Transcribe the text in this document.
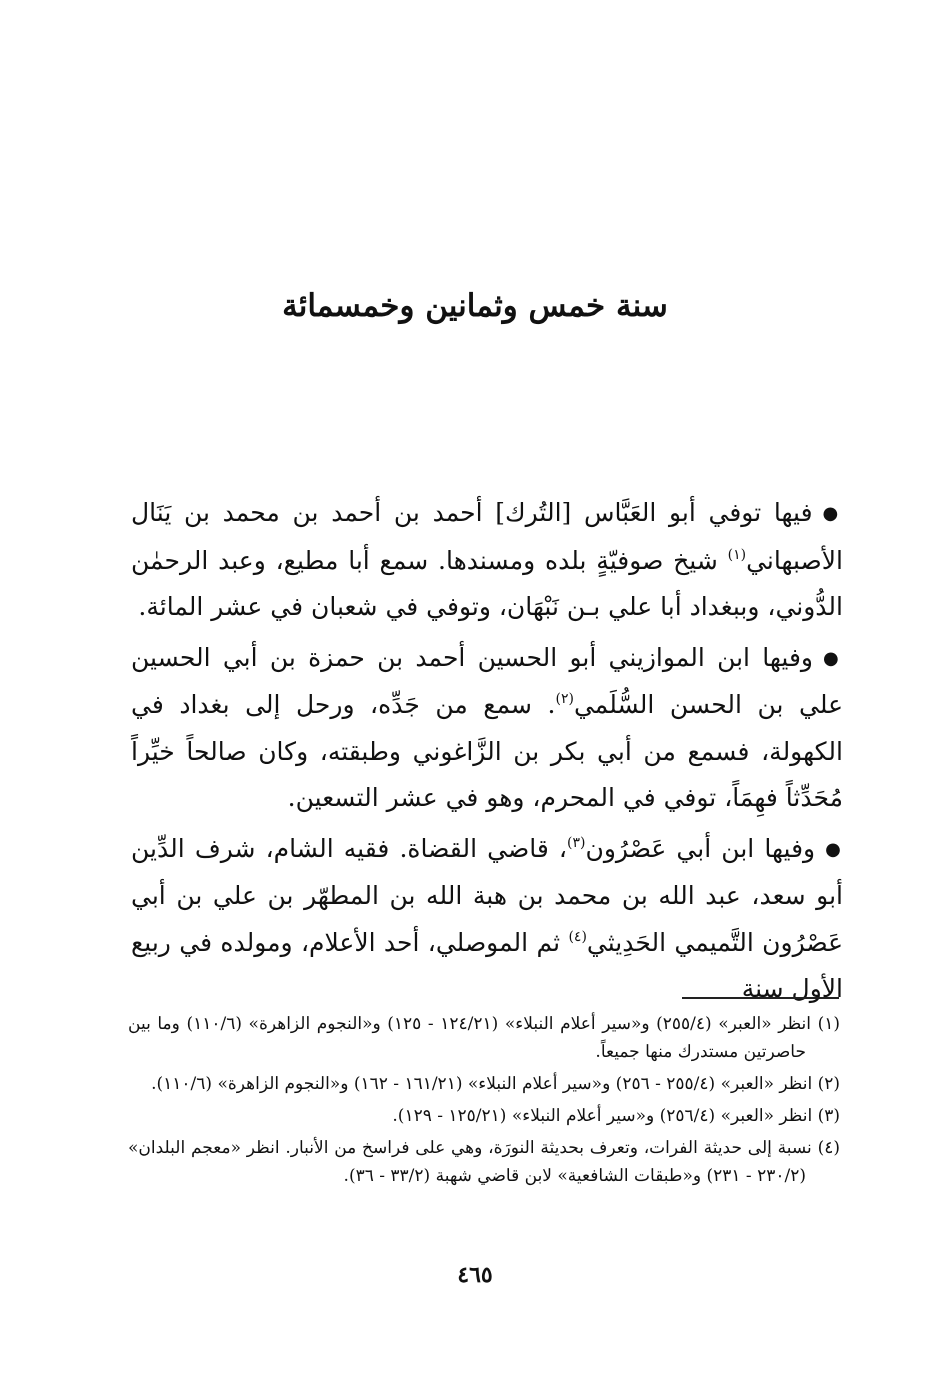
سنة خمس وثمانين وخمسمائة

●فيها توفي أبو العَبَّاس [التُرك] أحمد بن أحمد بن محمد بن يَنَال الأصبهاني$^{(١)}$ شيخ صوفيّةٍ بلده ومسندها. سمع أبا مطيع، وعبد الرحمٰن الدُّوني، وببغداد أبا علي بـن نَبْهَان، وتوفي في شعبان في عشر المائة.

●وفيها ابن الموازيني أبو الحسين أحمد بن حمزة بن أبي الحسين علي بن الحسن السُّلَمي$^{(٢)}$. سمع من جَدِّه، ورحل إلى بغداد في الكهولة، فسمع من أبي بكر بن الزَّاغوني وطبقته، وكان صالحاً خيِّراً مُحَدِّثاً فهِمَاً، توفي في المحرم، وهو في عشر التسعين.

●وفيها ابن أبي عَصْرُون$^{(٣)}$، قاضي القضاة. فقيه الشام، شرف الدِّين أبو سعد، عبد الله بن محمد بن هبة الله بن المطهّر بن علي بن أبي عَصْرُون التَّميمي الحَدِيثي$^{(٤)}$ ثم الموصلي، أحد الأعلام، ومولده في ربيع الأول سنة

(١) انظر «العبر» (٢٥٥/٤) و«سير أعلام النبلاء» (١٢٤/٢١ - ١٢٥) و«النجوم الزاهرة» (١١٠/٦) وما بين حاصرتين مستدرك منها جميعاً.

(٢) انظر «العبر» (٢٥٥/٤ - ٢٥٦) و«سير أعلام النبلاء» (١٦١/٢١ - ١٦٢) و«النجوم الزاهرة» (١١٠/٦).

(٣) انظر «العبر» (٢٥٦/٤) و«سير أعلام النبلاء» (١٢٥/٢١ - ١٢٩).

(٤) نسبة إلى حديثة الفرات، وتعرف بحديثة النورَة، وهي على فراسخ من الأنبار. انظر «معجم البلدان» (٢٣٠/٢ - ٢٣١) و«طبقات الشافعية» لابن قاضي شهبة (٣٣/٢ - ٣٦).

٤٦٥
